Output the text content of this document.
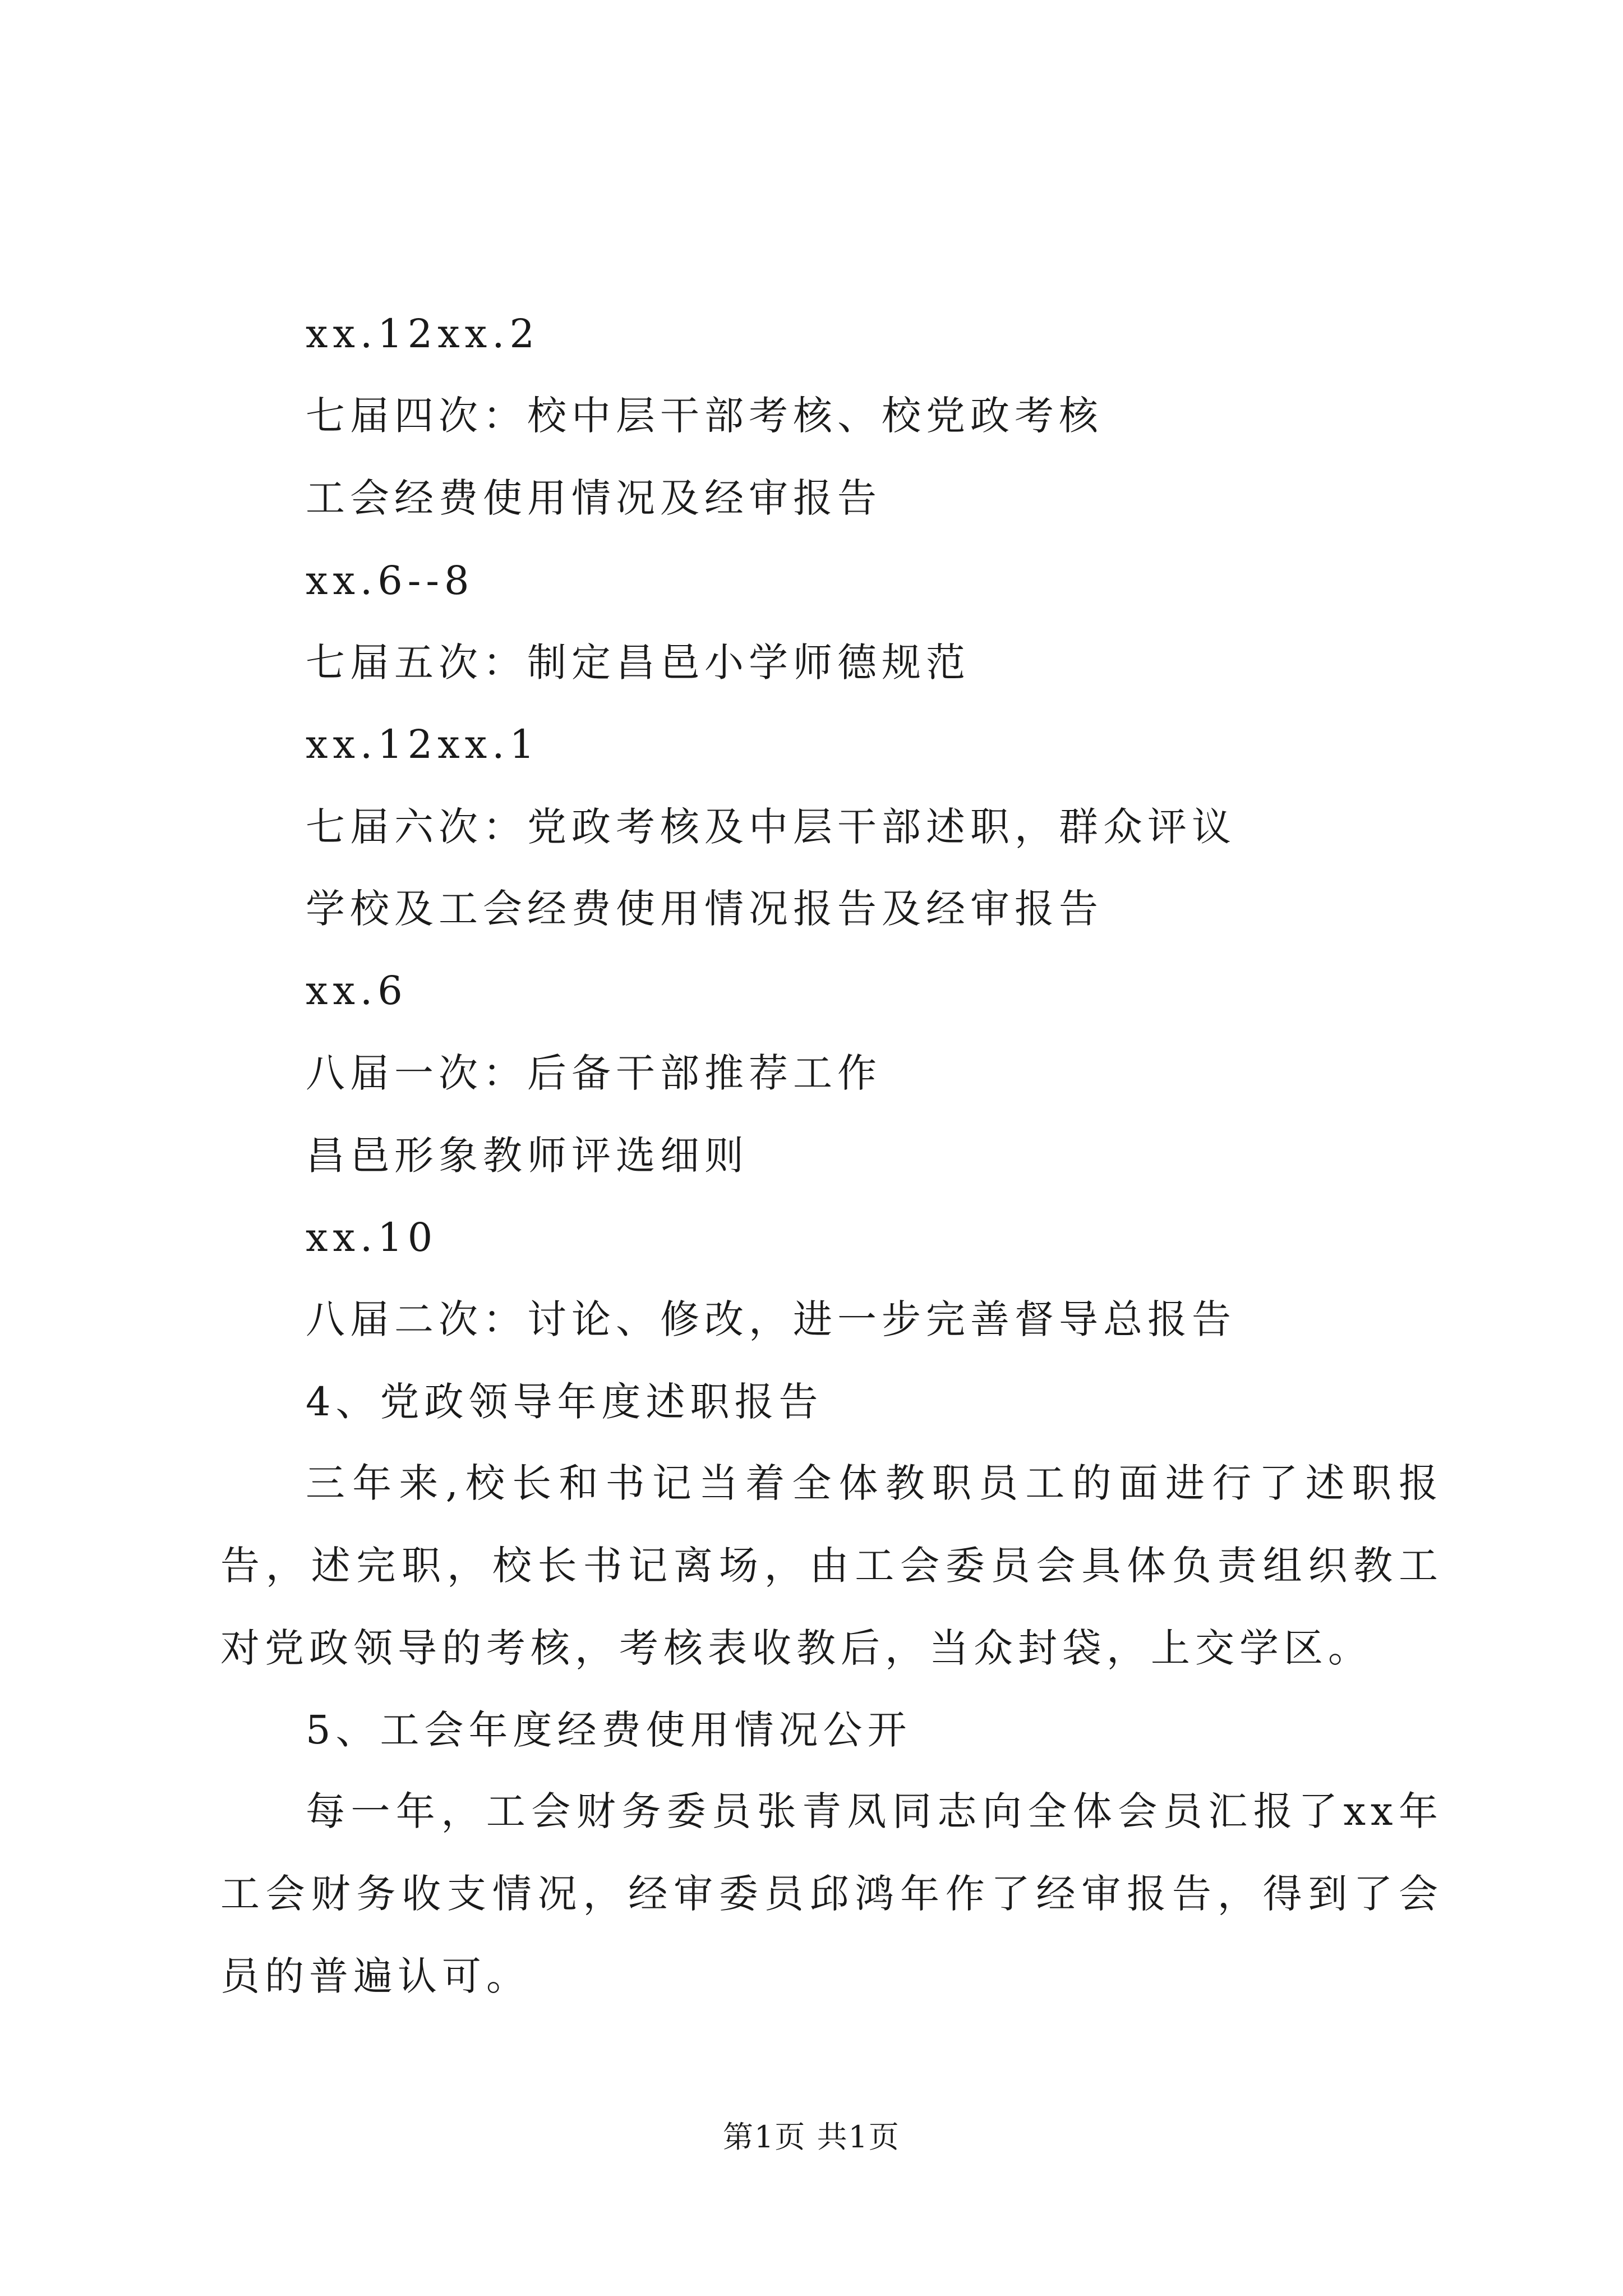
xx.12xx.2
七届四次：校中层干部考核、校党政考核
工会经费使用情况及经审报告
xx.6--8
七届五次：制定昌邑小学师德规范
xx.12xx.1
七届六次：党政考核及中层干部述职，群众评议
学校及工会经费使用情况报告及经审报告
xx.6
八届一次：后备干部推荐工作
昌邑形象教师评选细则
xx.10
八届二次：讨论、修改，进一步完善督导总报告
4、党政领导年度述职报告
三年来,校长和书记当着全体教职员工的面进行了述职报告，述完职，校长书记离场，由工会委员会具体负责组织教工对党政领导的考核，考核表收教后，当众封袋，上交学区。
5、工会年度经费使用情况公开
每一年，工会财务委员张青凤同志向全体会员汇报了xx年工会财务收支情况，经审委员邱鸿年作了经审报告，得到了会员的普遍认可。
第1页 共1页
